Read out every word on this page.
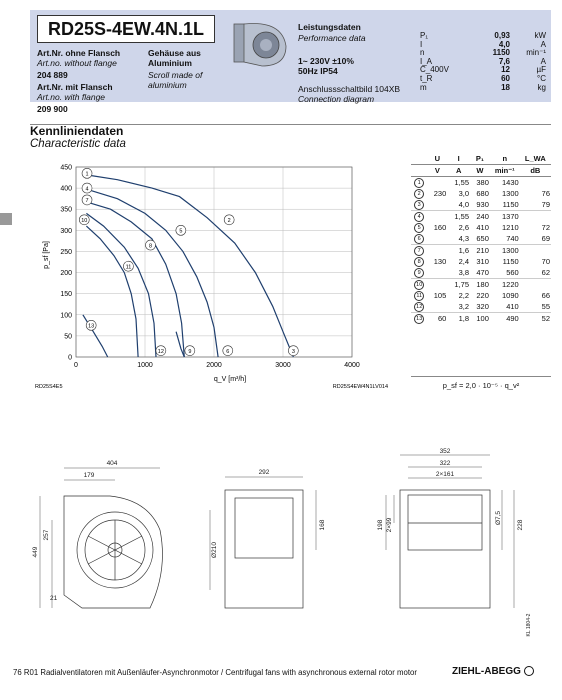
RD25S-4EW.4N.1L
Art.Nr. ohne Flansch
Art.no. without flange
204 889
Art.Nr. mit Flansch
Art.no. with flange
209 900
Gehäuse aus
Aluminium
Scroll made of
aluminium
Leistungsdaten
Performance data
1~ 230V ±10%
50Hz IP54
Anschlussschaltbild 104XB
Connection diagram
P₁	0,93	kW
I	4,0	A
n	1150	min⁻¹
I_A	7,6	A
C_400V	12	µF
t_R	60	°C
m	18	kg
Kennliniendaten
Characteristic data
1
4
7
10	2
5
8
11
13
12	9	6	3
0
50
100
150
200
250
300
350
400
450
0	1000	2000	3000	4000
p_sf [Pa]
q_V [m³/h]
RD25S4E5	RD25S4EW4N1LV014
	U	I	P₁	n	L_WA
	V	A	W	min⁻¹	dB
1		1,55	380	1430	
2	230	3,0	680	1300	76
3		4,0	930	1150	79
4		1,55	240	1370	
5	160	2,6	410	1210	72
6		4,3	650	740	69
7		1,6	210	1300	
8	130	2,4	310	1150	70
9		3,8	470	560	62
10		1,75	180	1220	
11	105	2,2	220	1090	66
12		3,2	320	410	55
13	60	1,8	100	490	52
p_sf = 2,0 · 10⁻⁵ · q_v²
404
179	292
352
322
2×161
257
168	198 2×99	Ø7,5 228
Ø210
21
449
KL 1804-2
76 R01 Radialventilatoren mit Außenläufer-Asynchronmotor / Centrifugal fans with asynchronous external rotor motor	ZIEHL-ABEGG
